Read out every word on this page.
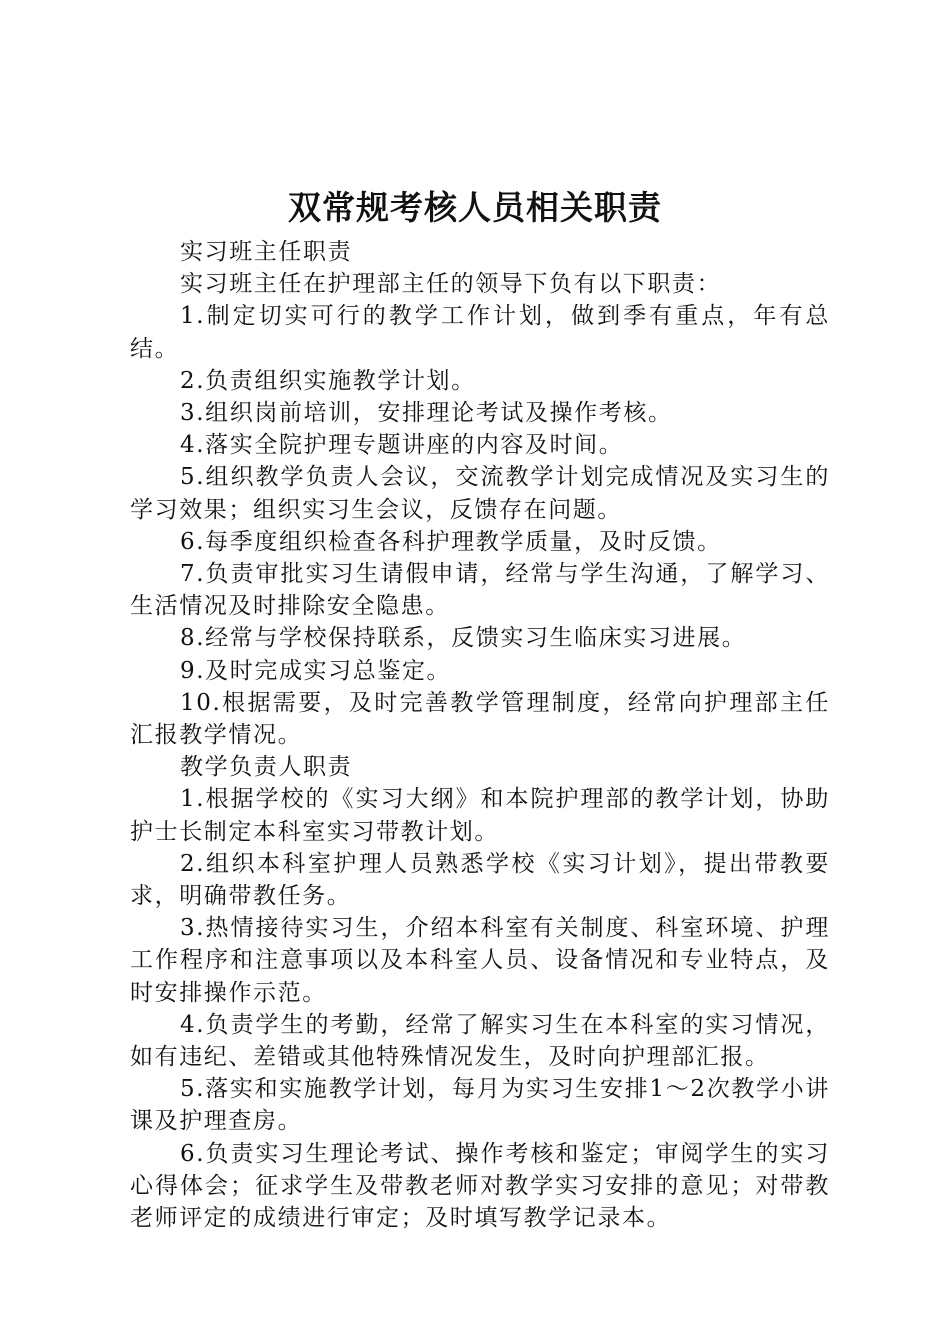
双常规考核人员相关职责

实习班主任职责

实习班主任在护理部主任的领导下负有以下职责：

1.制定切实可行的教学工作计划，做到季有重点，年有总结。

2.负责组织实施教学计划。

3.组织岗前培训，安排理论考试及操作考核。

4.落实全院护理专题讲座的内容及时间。

5.组织教学负责人会议，交流教学计划完成情况及实习生的学习效果；组织实习生会议，反馈存在问题。

6.每季度组织检查各科护理教学质量，及时反馈。

7.负责审批实习生请假申请，经常与学生沟通，了解学习、生活情况及时排除安全隐患。

8.经常与学校保持联系，反馈实习生临床实习进展。

9.及时完成实习总鉴定。

10.根据需要，及时完善教学管理制度，经常向护理部主任汇报教学情况。

教学负责人职责

1.根据学校的《实习大纲》和本院护理部的教学计划，协助护士长制定本科室实习带教计划。

2.组织本科室护理人员熟悉学校《实习计划》，提出带教要求，明确带教任务。

3.热情接待实习生，介绍本科室有关制度、科室环境、护理工作程序和注意事项以及本科室人员、设备情况和专业特点，及时安排操作示范。

4.负责学生的考勤，经常了解实习生在本科室的实习情况，如有违纪、差错或其他特殊情况发生，及时向护理部汇报。

5.落实和实施教学计划，每月为实习生安排1～2次教学小讲课及护理查房。

6.负责实习生理论考试、操作考核和鉴定；审阅学生的实习心得体会；征求学生及带教老师对教学实习安排的意见；对带教老师评定的成绩进行审定；及时填写教学记录本。
